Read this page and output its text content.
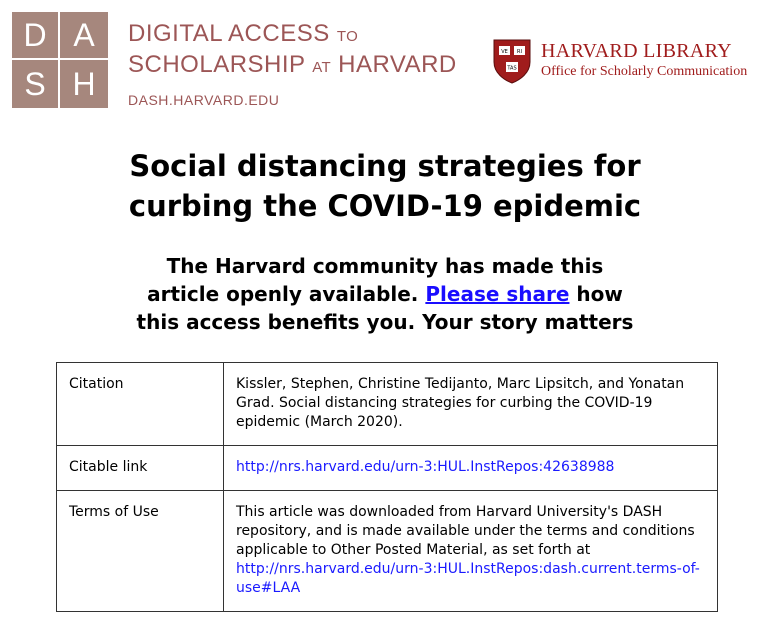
D A
S H
DIGITAL ACCESS TO
SCHOLARSHIP AT HARVARD
DASH.HARVARD.EDU
VE RI
TAS
HARVARD LIBRARY
Office for Scholarly Communication
Social distancing strategies for
curbing the COVID-19 epidemic
The Harvard community has made this
article openly available. Please share how
this access benefits you. Your story matters
Citation	Kissler, Stephen, Christine Tedijanto, Marc Lipsitch, and Yonatan Grad. Social distancing strategies for curbing the COVID-19 epidemic (March 2020).
Citable link	http://nrs.harvard.edu/urn-3:HUL.InstRepos:42638988
Terms of Use	This article was downloaded from Harvard University's DASH repository, and is made available under the terms and conditions applicable to Other Posted Material, as set forth at http://nrs.harvard.edu/urn-3:HUL.InstRepos:dash.current.terms-of-use#LAA
